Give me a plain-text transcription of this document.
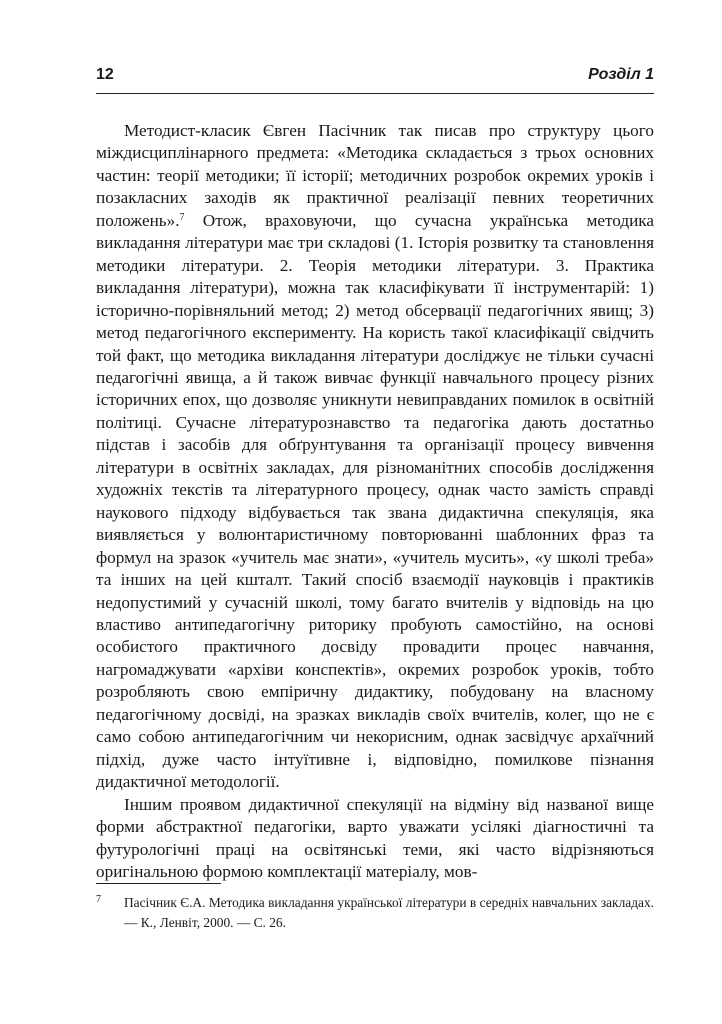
12	Розділ 1

Методист-класик Євген Пасічник так писав про структуру цього міждисциплінарного предмета: «Методика складається з трьох основних частин: теорії методики; її історії; методичних розробок окремих уроків і позакласних заходів як практичної реалізації певних теоретичних положень».$^7$ Отож, враховуючи, що сучасна українська методика викладання літератури має три складові (1. Історія розвитку та становлення методики літератури. 2. Теорія методики літератури. 3. Практика викладання літератури), можна так класифікувати її інструментарій: 1) історично-порівняльний метод; 2) метод обсервації педагогічних явищ; 3) метод педагогічного експерименту. На користь такої класифікації свідчить той факт, що методика викладання літератури досліджує не тільки сучасні педагогічні явища, а й також вивчає функції навчального процесу різних історичних епох, що дозволяє уникнути невиправданих помилок в освітній політиці. Сучасне літературознавство та педагогіка дають достатньо підстав і засобів для обґрунтування та організації процесу вивчення літератури в освітніх закладах, для різноманітних способів дослідження художніх текстів та літературного процесу, однак часто замість справді наукового підходу відбувається так звана дидактична спекуляція, яка виявляється у волюнтаристичному повторюванні шаблонних фраз та формул на зразок «учитель має знати», «учитель мусить», «у школі треба» та інших на цей кшталт. Такий спосіб взаємодії науковців і практиків недопустимий у сучасній школі, тому багато вчителів у відповідь на цю властиво антипедагогічну риторику пробують самостійно, на основі особистого практичного досвіду провадити процес навчання, нагромаджувати «архіви конспектів», окремих розробок уроків, тобто розробляють свою емпіричну дидактику, побудовану на власному педагогічному досвіді, на зразках викладів своїх вчителів, колег, що не є само собою антипедагогічним чи некорисним, однак засвідчує архаїчний підхід, дуже часто інтуїтивне і, відповідно, помилкове пізнання дидактичної методології.

Іншим проявом дидактичної спекуляції на відміну від названої вище форми абстрактної педагогіки, варто уважати усілякі діагностичні та футурологічні праці на освітянські теми, які часто відрізняються оригінальною формою комплектації матеріалу, мов-

7	Пасічник Є.А. Методика викладання української літератури в середніх навчальних закладах. — К., Ленвіт, 2000. — С. 26.
